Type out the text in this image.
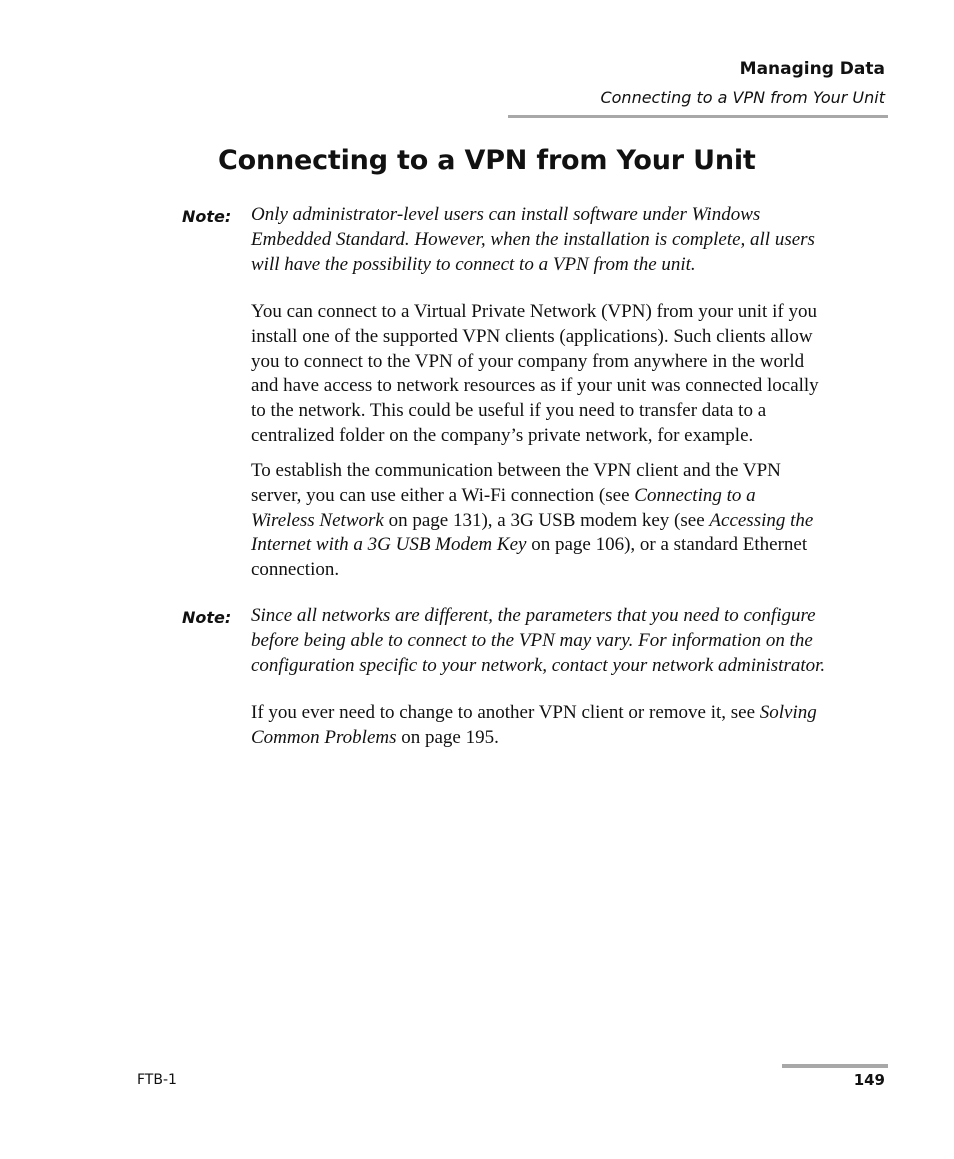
Managing Data
Connecting to a VPN from Your Unit
Connecting to a VPN from Your Unit
Note: Only administrator-level users can install software under Windows
Embedded Standard. However, when the installation is complete, all users
will have the possibility to connect to a VPN from the unit.
You can connect to a Virtual Private Network (VPN) from your unit if you
install one of the supported VPN clients (applications). Such clients allow
you to connect to the VPN of your company from anywhere in the world
and have access to network resources as if your unit was connected locally
to the network. This could be useful if you need to transfer data to a
centralized folder on the company’s private network, for example.
To establish the communication between the VPN client and the VPN
server, you can use either a Wi-Fi connection (see Connecting to a
Wireless Network on page 131), a 3G USB modem key (see Accessing the
Internet with a 3G USB Modem Key on page 106), or a standard Ethernet
connection.
Note: Since all networks are different, the parameters that you need to configure
before being able to connect to the VPN may vary. For information on the
configuration specific to your network, contact your network administrator.
If you ever need to change to another VPN client or remove it, see Solving
Common Problems on page 195.
FTB-1	149
